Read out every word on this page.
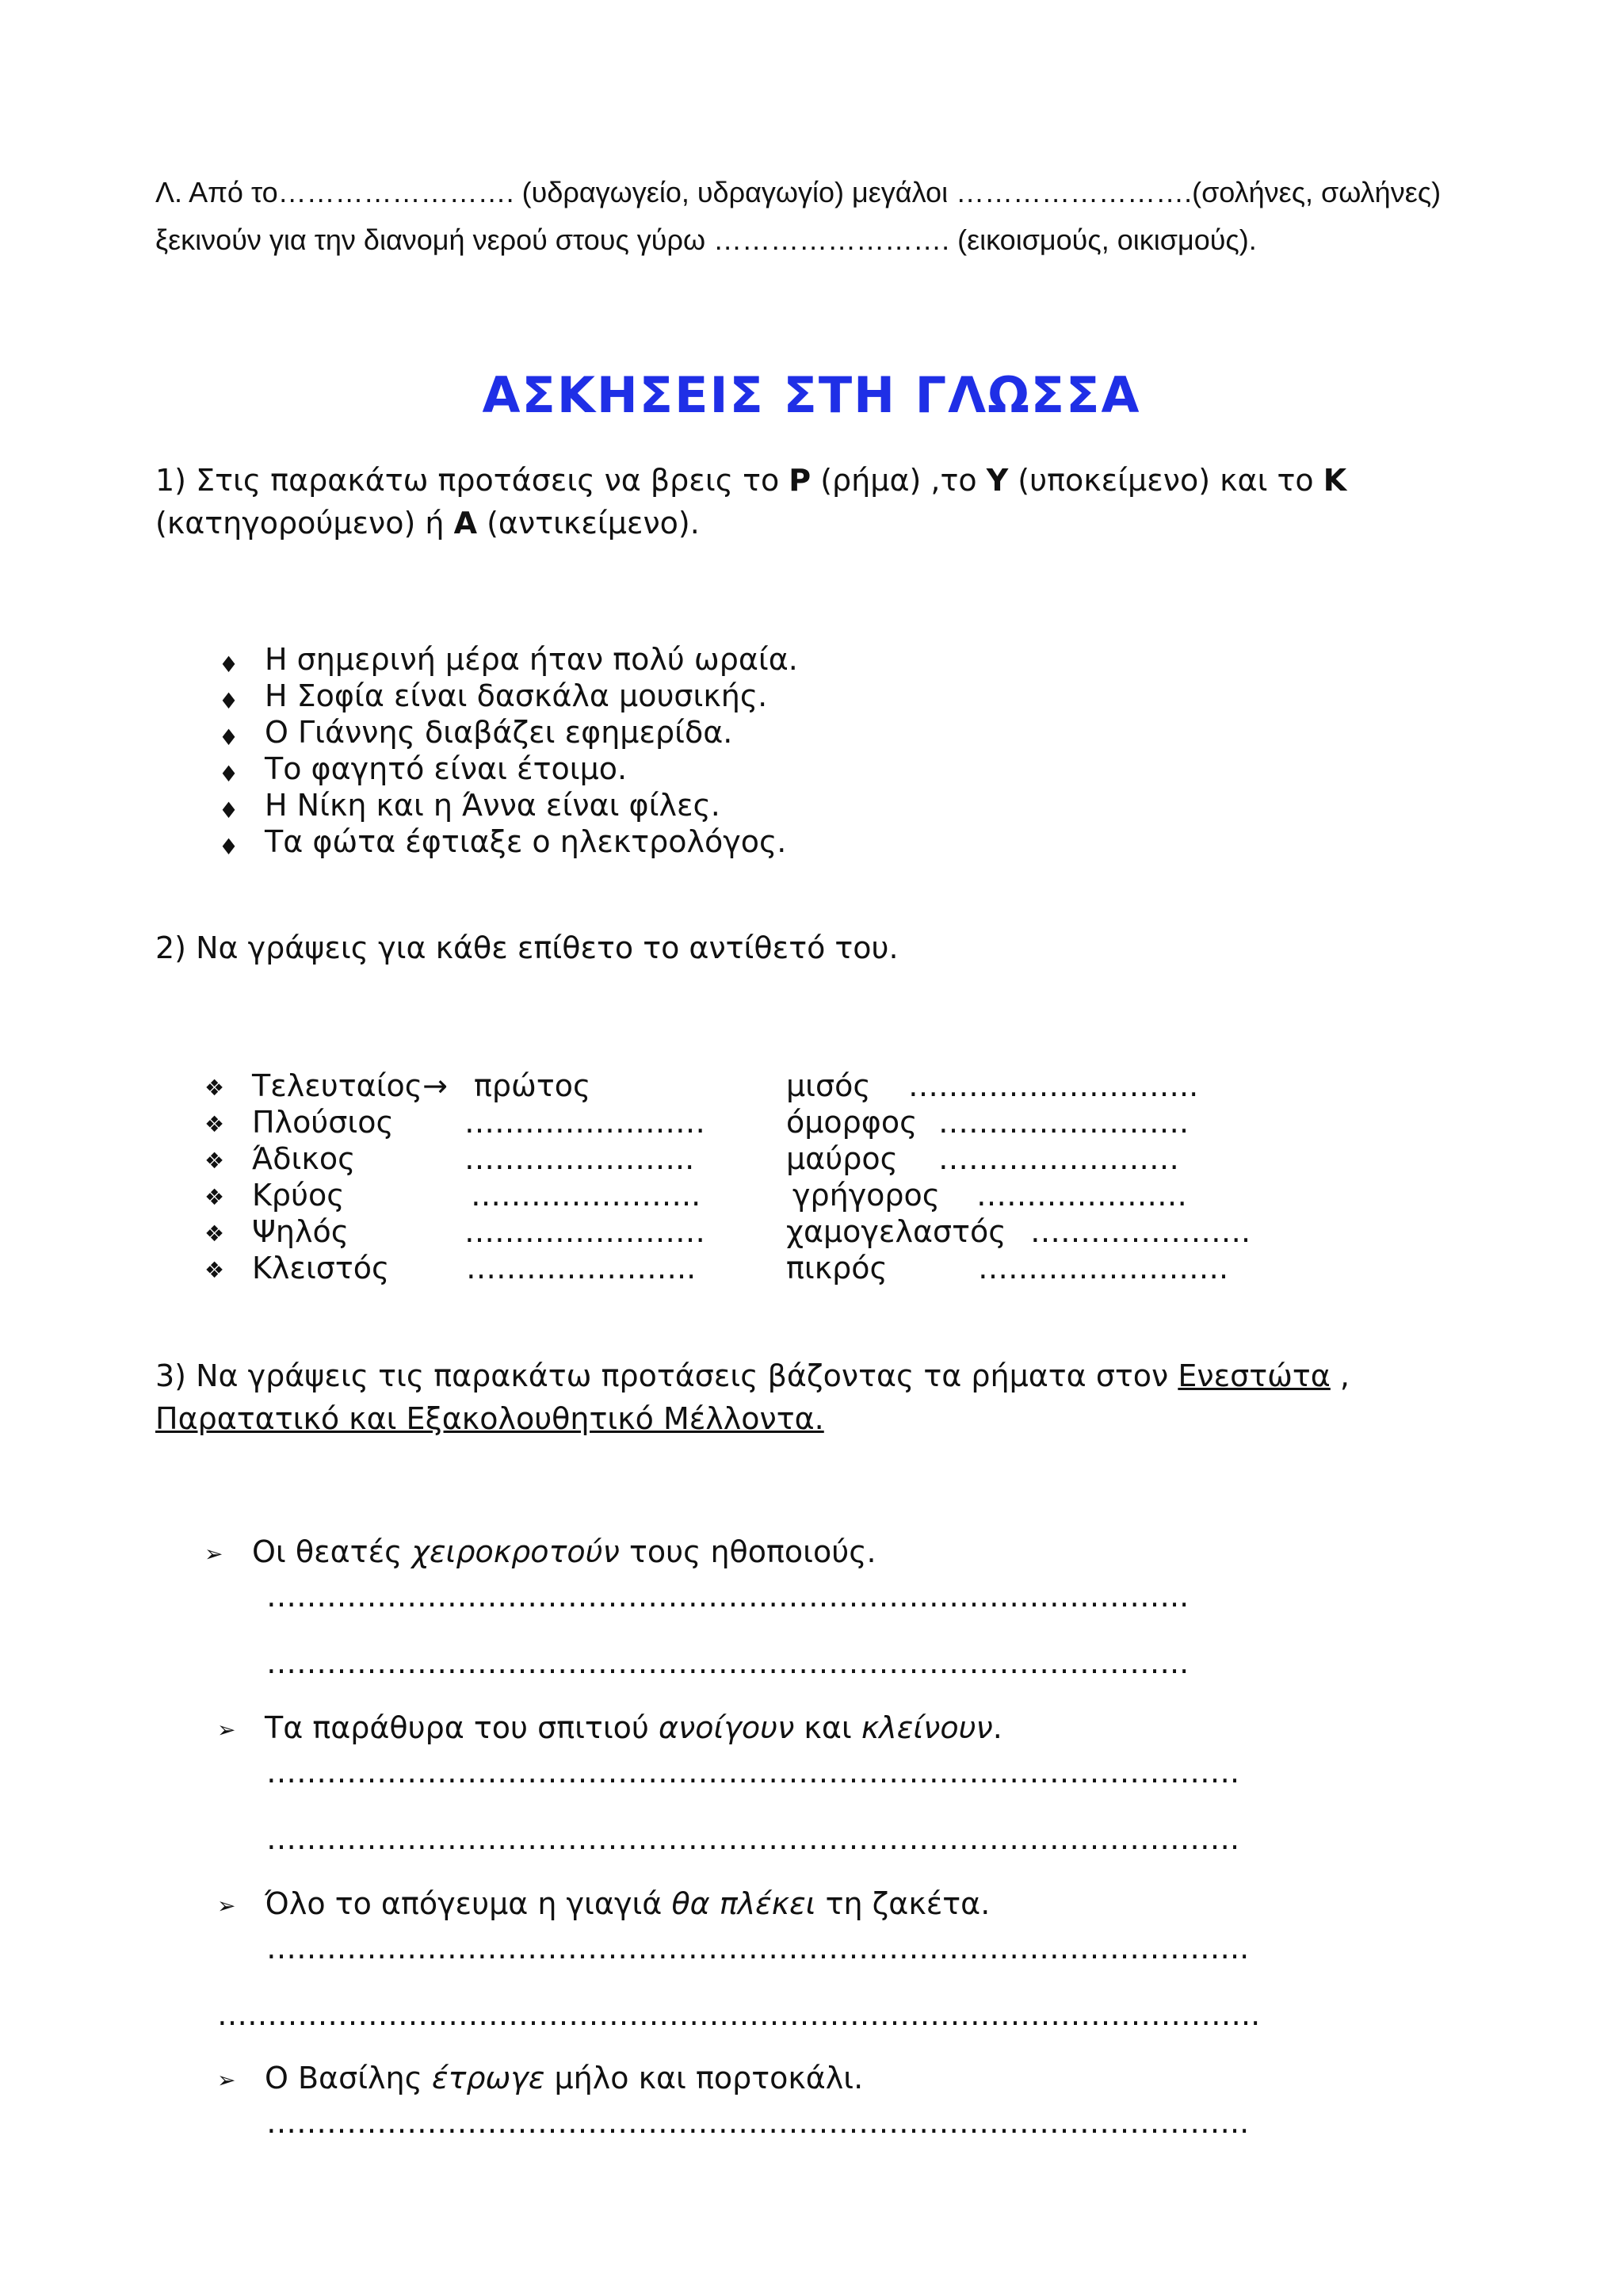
Λ. Από το……………………. (υδραγωγείο, υδραγωγίο) μεγάλοι …………………….(σολήνες, σωλήνες)
ξεκινούν για την διανομή νερού στους γύρω ……………………. (εικοισμούς, οικισμούς).
ΑΣΚΗΣΕΙΣ ΣΤΗ ΓΛΩΣΣΑ
1) Στις παρακάτω προτάσεις να βρεις το Ρ (ρήμα) ,το Υ (υποκείμενο) και το Κ
(κατηγορούμενο) ή Α (αντικείμενο).
♦ Η σημερινή μέρα ήταν πολύ ωραία.
♦ Η Σοφία είναι δασκάλα μουσικής.
♦ Ο Γιάννης διαβάζει εφημερίδα.
♦ Το φαγητό είναι έτοιμο.
♦ Η Νίκη και η Άννα είναι φίλες.
♦ Τα φώτα έφτιαξε ο ηλεκτρολόγος.
2) Να γράψεις για κάθε επίθετο το αντίθετό του.
❖ Τελευταίος→ πρώτος	μισός ………………………..
❖ Πλούσιος ……………………	όμορφος …………………….
❖ Άδικος	…………………..	μαύρος ……………………
❖ Κρύος	…………………..	γρήγορος …………………
❖ Ψηλός	……………………	χαμογελαστός ………………….
❖ Κλειστός	…………………..	πικρός	…………………….
3) Να γράψεις τις παρακάτω προτάσεις βάζοντας τα ρήματα στον Ενεστώτα ,
Παρατατικό και Εξακολουθητικό Μέλλοντα.
➢ Οι θεατές χειροκροτούν τους ηθοποιούς.
………………………………………………………………………………..
………………………………………………………………………………..
➢ Τα παράθυρα του σπιτιού ανοίγουν και κλείνουν.
…………………………………………………………………………………….
…………………………………………………………………………………….
➢ Όλο το απόγευμα η γιαγιά θα πλέκει τη ζακέτα.
……………………………………………………………………………………..
…………………………………………………………………………………………..
➢ Ο Βασίλης έτρωγε μήλο και πορτοκάλι.
……………………………………………………………………………………..
